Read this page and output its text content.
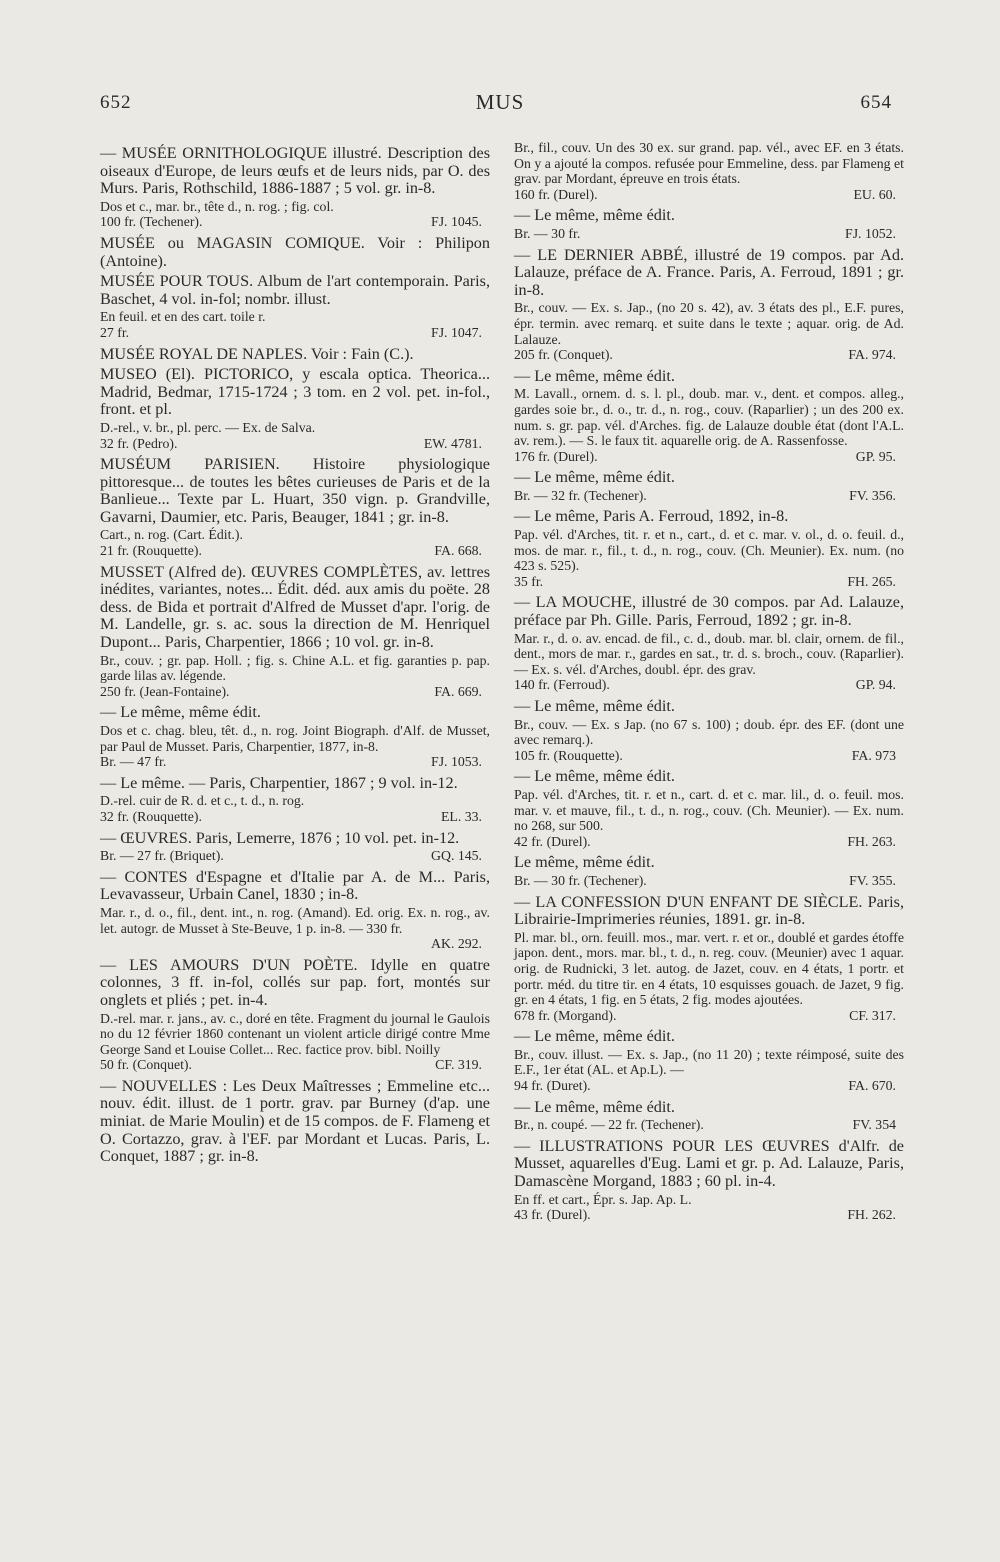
652	MUS	654

— MUSÉE ORNITHOLOGIQUE illustré. Description des oiseaux d'Europe, de leurs œufs et de leurs nids, par O. des Murs. Paris, Rothschild, 1886-1887 ; 5 vol. gr. in-8.

Dos et c., mar. br., tête d., n. rog. ; fig. col.

100 fr. (Techener).	FJ. 1045.

MUSÉE ou MAGASIN COMIQUE. Voir : Philipon (Antoine).

MUSÉE POUR TOUS. Album de l'art contemporain. Paris, Baschet, 4 vol. in-fol; nombr. illust.

En feuil. et en des cart. toile r.

27 fr.	FJ. 1047.

MUSÉE ROYAL DE NAPLES. Voir : Fain (C.).

MUSEO (El). PICTORICO, y escala optica. Theorica... Madrid, Bedmar, 1715-1724 ; 3 tom. en 2 vol. pet. in-fol., front. et pl.

D.-rel., v. br., pl. perc. — Ex. de Salva.

32 fr. (Pedro).	EW. 4781.

MUSÉUM PARISIEN. Histoire physiologique pittoresque... de toutes les bêtes curieuses de Paris et de la Banlieue... Texte par L. Huart, 350 vign. p. Grandville, Gavarni, Daumier, etc. Paris, Beauger, 1841 ; gr. in-8.

Cart., n. rog. (Cart. Édit.).

21 fr. (Rouquette).	FA. 668.

MUSSET (Alfred de). ŒUVRES COMPLÈTES, av. lettres inédites, variantes, notes... Édit. déd. aux amis du poëte. 28 dess. de Bida et portrait d'Alfred de Musset d'apr. l'orig. de M. Landelle, gr. s. ac. sous la direction de M. Henriquel Dupont... Paris, Charpentier, 1866 ; 10 vol. gr. in-8.

Br., couv. ; gr. pap. Holl. ; fig. s. Chine A.L. et fig. garanties p. pap. garde lilas av. légende.

250 fr. (Jean-Fontaine).	FA. 669.

— Le même, même édit.

Dos et c. chag. bleu, têt. d., n. rog. Joint Biograph. d'Alf. de Musset, par Paul de Musset. Paris, Charpentier, 1877, in-8.

Br. — 47 fr.	FJ. 1053.

— Le même. — Paris, Charpentier, 1867 ; 9 vol. in-12.

D.-rel. cuir de R. d. et c., t. d., n. rog.

32 fr. (Rouquette).	EL. 33.

— ŒUVRES. Paris, Lemerre, 1876 ; 10 vol. pet. in-12.

Br. — 27 fr. (Briquet).	GQ. 145.

— CONTES d'Espagne et d'Italie par A. de M... Paris, Levavasseur, Urbain Canel, 1830 ; in-8.

Mar. r., d. o., fil., dent. int., n. rog. (Amand). Ed. orig. Ex. n. rog., av. let. autogr. de Musset à Ste-Beuve, 1 p. in-8. — 330 fr.

AK. 292.

— LES AMOURS D'UN POÈTE. Idylle en quatre colonnes, 3 ff. in-fol, collés sur pap. fort, montés sur onglets et pliés ; pet. in-4.

D.-rel. mar. r. jans., av. c., doré en tête. Fragment du journal le Gaulois no du 12 février 1860 contenant un violent article dirigé contre Mme George Sand et Louise Collet... Rec. factice prov. bibl. Noilly

50 fr. (Conquet).	CF. 319.

— NOUVELLES : Les Deux Maîtresses ; Emmeline etc... nouv. édit. illust. de 1 portr. grav. par Burney (d'ap. une miniat. de Marie Moulin) et de 15 compos. de F. Flameng et O. Cortazzo, grav. à l'EF. par Mordant et Lucas. Paris, L. Conquet, 1887 ; gr. in-8.

Br., fil., couv. Un des 30 ex. sur grand. pap. vél., avec EF. en 3 états. On y a ajouté la compos. refusée pour Emmeline, dess. par Flameng et grav. par Mordant, épreuve en trois états.

160 fr. (Durel).	EU. 60.

— Le même, même édit.

Br. — 30 fr.	FJ. 1052.

— LE DERNIER ABBÉ, illustré de 19 compos. par Ad. Lalauze, préface de A. France. Paris, A. Ferroud, 1891 ; gr. in-8.

Br., couv. — Ex. s. Jap., (no 20 s. 42), av. 3 états des pl., E.F. pures, épr. termin. avec remarq. et suite dans le texte ; aquar. orig. de Ad. Lalauze.

205 fr. (Conquet).	FA. 974.

— Le même, même édit.

M. Lavall., ornem. d. s. l. pl., doub. mar. v., dent. et compos. alleg., gardes soie br., d. o., tr. d., n. rog., couv. (Raparlier) ; un des 200 ex. num. s. gr. pap. vél. d'Arches. fig. de Lalauze double état (dont l'A.L. av. rem.). — S. le faux tit. aquarelle orig. de A. Rassenfosse.

176 fr. (Durel).	GP. 95.

— Le même, même édit.

Br. — 32 fr. (Techener).	FV. 356.

— Le même, Paris A. Ferroud, 1892, in-8.

Pap. vél. d'Arches, tit. r. et n., cart., d. et c. mar. v. ol., d. o. feuil. d., mos. de mar. r., fil., t. d., n. rog., couv. (Ch. Meunier). Ex. num. (no 423 s. 525).

35 fr.	FH. 265.

— LA MOUCHE, illustré de 30 compos. par Ad. Lalauze, préface par Ph. Gille. Paris, Ferroud, 1892 ; gr. in-8.

Mar. r., d. o. av. encad. de fil., c. d., doub. mar. bl. clair, ornem. de fil., dent., mors de mar. r., gardes en sat., tr. d. s. broch., couv. (Raparlier). — Ex. s. vél. d'Arches, doubl. épr. des grav.

140 fr. (Ferroud).	GP. 94.

— Le même, même édit.

Br., couv. — Ex. s Jap. (no 67 s. 100) ; doub. épr. des EF. (dont une avec remarq.).

105 fr. (Rouquette).	FA. 973

— Le même, même édit.

Pap. vél. d'Arches, tit. r. et n., cart. d. et c. mar. lil., d. o. feuil. mos. mar. v. et mauve, fil., t. d., n. rog., couv. (Ch. Meunier). — Ex. num. no 268, sur 500.

42 fr. (Durel).	FH. 263.

Le même, même édit.

Br. — 30 fr. (Techener).	FV. 355.

— LA CONFESSION D'UN ENFANT DE SIÈCLE. Paris, Librairie-Imprimeries réunies, 1891. gr. in-8.

Pl. mar. bl., orn. feuill. mos., mar. vert. r. et or., doublé et gardes étoffe japon. dent., mors. mar. bl., t. d., n. reg. couv. (Meunier) avec 1 aquar. orig. de Rudnicki, 3 let. autog. de Jazet, couv. en 4 états, 1 portr. et portr. méd. du titre tir. en 4 états, 10 esquisses gouach. de Jazet, 9 fig. gr. en 4 états, 1 fig. en 5 états, 2 fig. modes ajoutées.

678 fr. (Morgand).	CF. 317.

— Le même, même édit.

Br., couv. illust. — Ex. s. Jap., (no 11 20) ; texte réimposé, suite des E.F., 1er état (AL. et Ap.L). —

94 fr. (Duret).	FA. 670.

— Le même, même édit.

Br., n. coupé. — 22 fr. (Techener).	FV. 354

— ILLUSTRATIONS POUR LES ŒUVRES d'Alfr. de Musset, aquarelles d'Eug. Lami et gr. p. Ad. Lalauze, Paris, Damascène Morgand, 1883 ; 60 pl. in-4.

En ff. et cart., Épr. s. Jap. Ap. L.

43 fr. (Durel).	FH. 262.
